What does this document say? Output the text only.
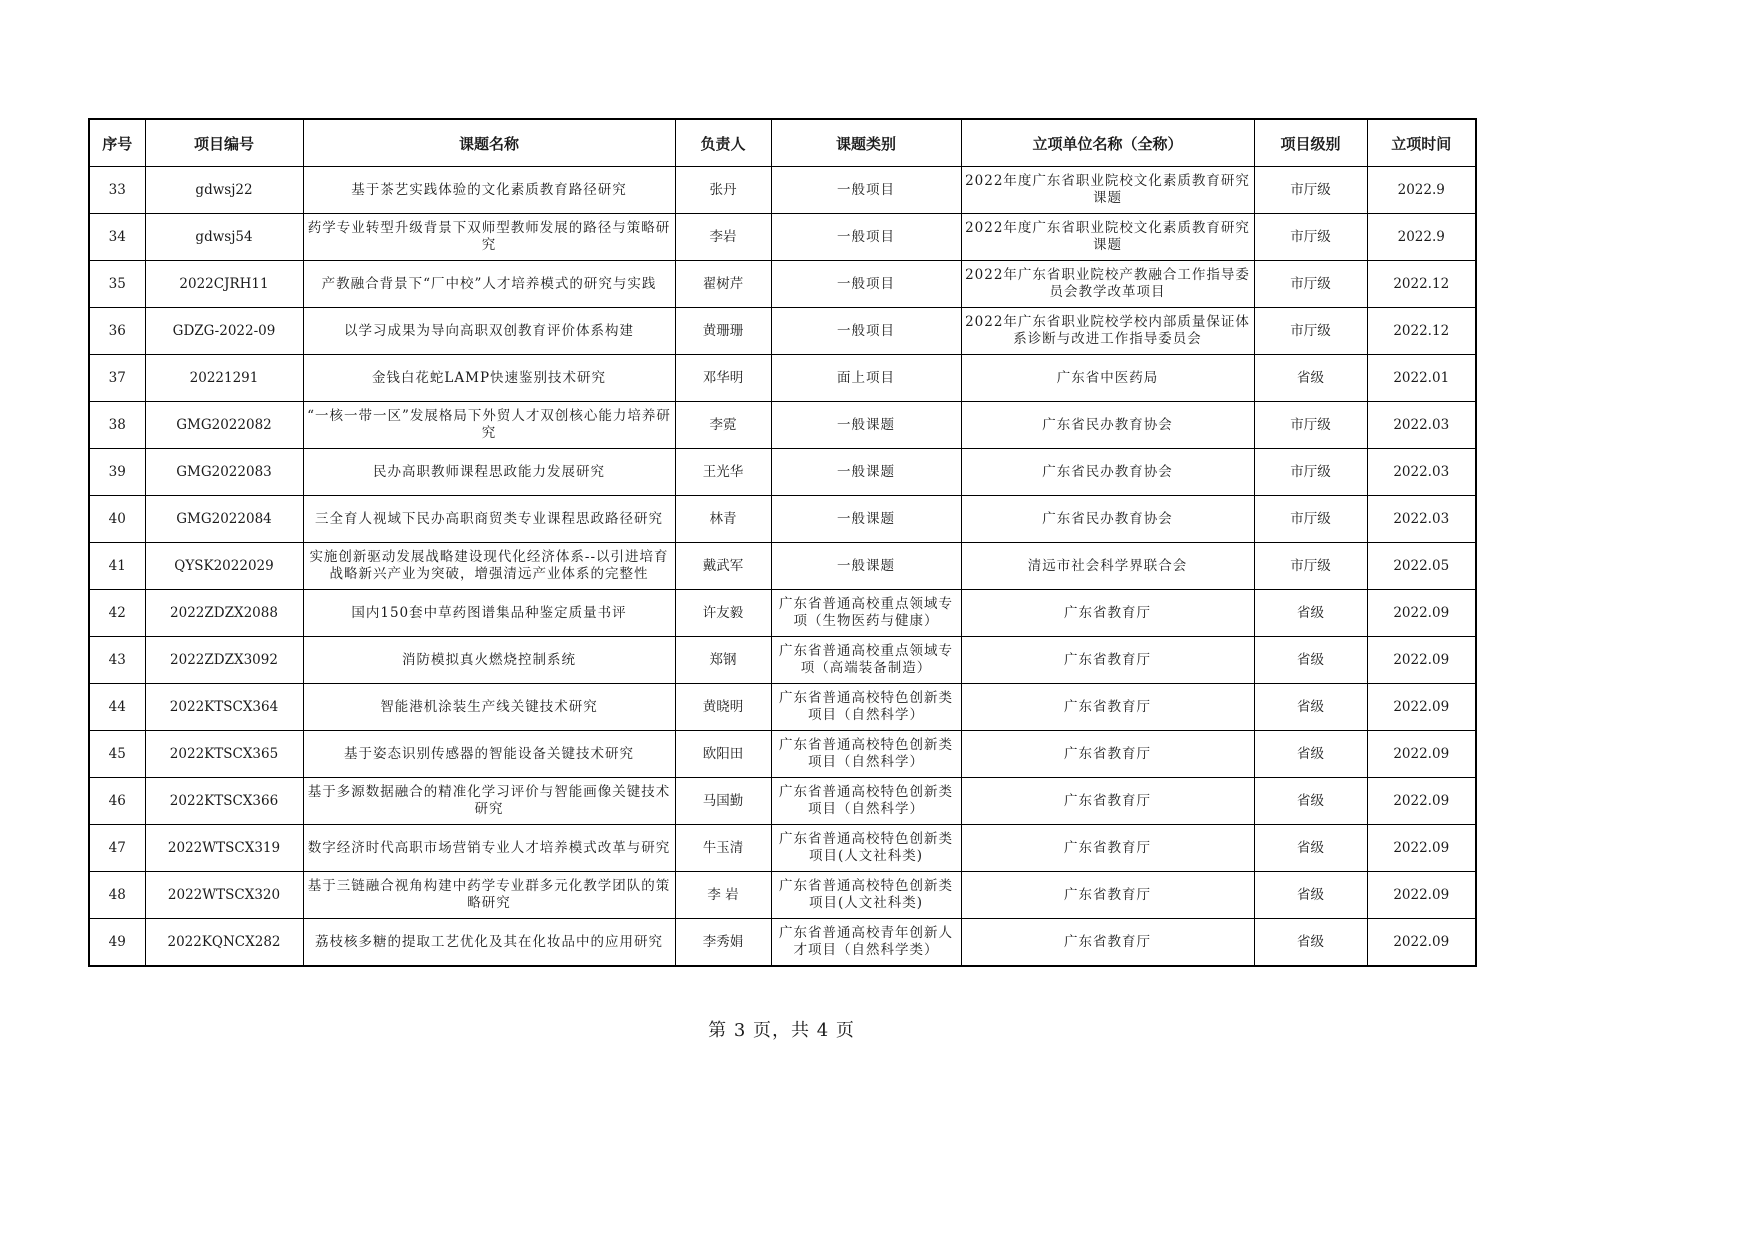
序号	项目编号	课题名称	负责人	课题类别	立项单位名称（全称）	项目级别	立项时间

33	gdwsj22	基于茶艺实践体验的文化素质教育路径研究	张丹	一般项目	2022年度广东省职业院校文化素质教育研究课题	市厅级	2022.9

34	gdwsj54	药学专业转型升级背景下双师型教师发展的路径与策略研究	李岩	一般项目	2022年度广东省职业院校文化素质教育研究课题	市厅级	2022.9

35	2022CJRH11	产教融合背景下“厂中校”人才培养模式的研究与实践	翟树芹	一般项目	2022年广东省职业院校产教融合工作指导委员会教学改革项目	市厅级	2022.12

36	GDZG-2022-09	以学习成果为导向高职双创教育评价体系构建	黄珊珊	一般项目	2022年广东省职业院校学校内部质量保证体系诊断与改进工作指导委员会	市厅级	2022.12

37	20221291	金钱白花蛇LAMP快速鉴别技术研究	邓华明	面上项目	广东省中医药局	省级	2022.01

38	GMG2022082	“一核一带一区”发展格局下外贸人才双创核心能力培养研究	李霓	一般课题	广东省民办教育协会	市厅级	2022.03

39	GMG2022083	民办高职教师课程思政能力发展研究	王光华	一般课题	广东省民办教育协会	市厅级	2022.03

40	GMG2022084	三全育人视域下民办高职商贸类专业课程思政路径研究	林青	一般课题	广东省民办教育协会	市厅级	2022.03

41	QYSK2022029	实施创新驱动发展战略建设现代化经济体系--以引进培育战略新兴产业为突破，增强清远产业体系的完整性	戴武军	一般课题	清远市社会科学界联合会	市厅级	2022.05

42	2022ZDZX2088	国内150套中草药图谱集品种鉴定质量书评	许友毅	广东省普通高校重点领域专项（生物医药与健康）	广东省教育厅	省级	2022.09

43	2022ZDZX3092	消防模拟真火燃烧控制系统	郑钢	广东省普通高校重点领域专项（高端装备制造）	广东省教育厅	省级	2022.09

44	2022KTSCX364	智能港机涂装生产线关键技术研究	黄晓明	广东省普通高校特色创新类项目（自然科学）	广东省教育厅	省级	2022.09

45	2022KTSCX365	基于姿态识别传感器的智能设备关键技术研究	欧阳田	广东省普通高校特色创新类项目（自然科学）	广东省教育厅	省级	2022.09

46	2022KTSCX366	基于多源数据融合的精准化学习评价与智能画像关键技术研究	马国勤	广东省普通高校特色创新类项目（自然科学）	广东省教育厅	省级	2022.09

47	2022WTSCX319	数字经济时代高职市场营销专业人才培养模式改革与研究	牛玉清	广东省普通高校特色创新类项目(人文社科类)	广东省教育厅	省级	2022.09

48	2022WTSCX320	基于三链融合视角构建中药学专业群多元化教学团队的策略研究	李 岩	广东省普通高校特色创新类项目(人文社科类)	广东省教育厅	省级	2022.09

49	2022KQNCX282	荔枝核多糖的提取工艺优化及其在化妆品中的应用研究	李秀娟	广东省普通高校青年创新人才项目（自然科学类）	广东省教育厅	省级	2022.09
第 3 页，共 4 页
